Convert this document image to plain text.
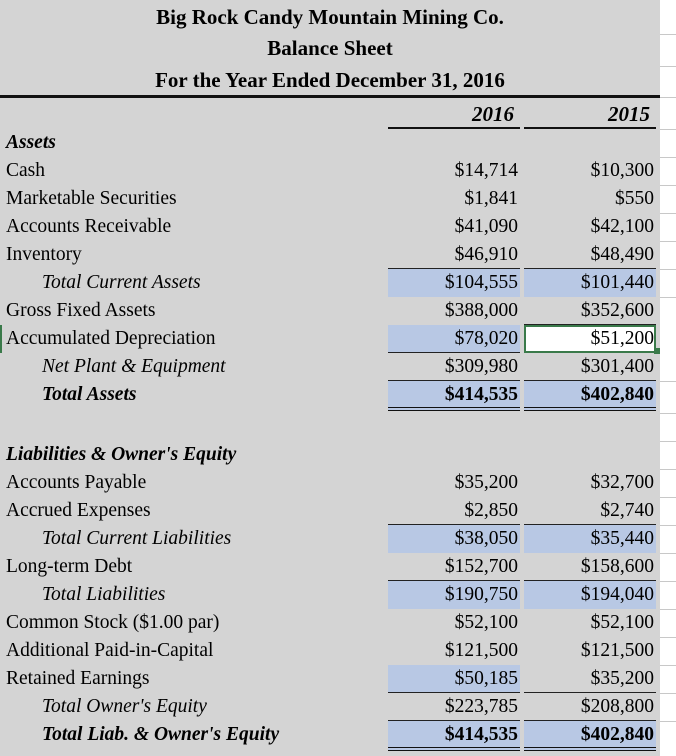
Big Rock Candy Mountain Mining Co.
Balance Sheet
For the Year Ended December 31, 2016
2016	2015
Assets
Cash	$14,714	$10,300
Marketable Securities	$1,841	$550
Accounts Receivable	$41,090	$42,100
Inventory	$46,910	$48,490
Total Current Assets	$104,555	$101,440
Gross Fixed Assets	$388,000	$352,600
Accumulated Depreciation	$78,020	$51,200
Net Plant & Equipment	$309,980	$301,400
Total Assets	$414,535	$402,840
Liabilities & Owner's Equity
Accounts Payable	$35,200	$32,700
Accrued Expenses	$2,850	$2,740
Total Current Liabilities	$38,050	$35,440
Long-term Debt	$152,700	$158,600
Total Liabilities	$190,750	$194,040
Common Stock ($1.00 par)	$52,100	$52,100
Additional Paid-in-Capital	$121,500	$121,500
Retained Earnings	$50,185	$35,200
Total Owner's Equity	$223,785	$208,800
Total Liab. & Owner's Equity	$414,535	$402,840
